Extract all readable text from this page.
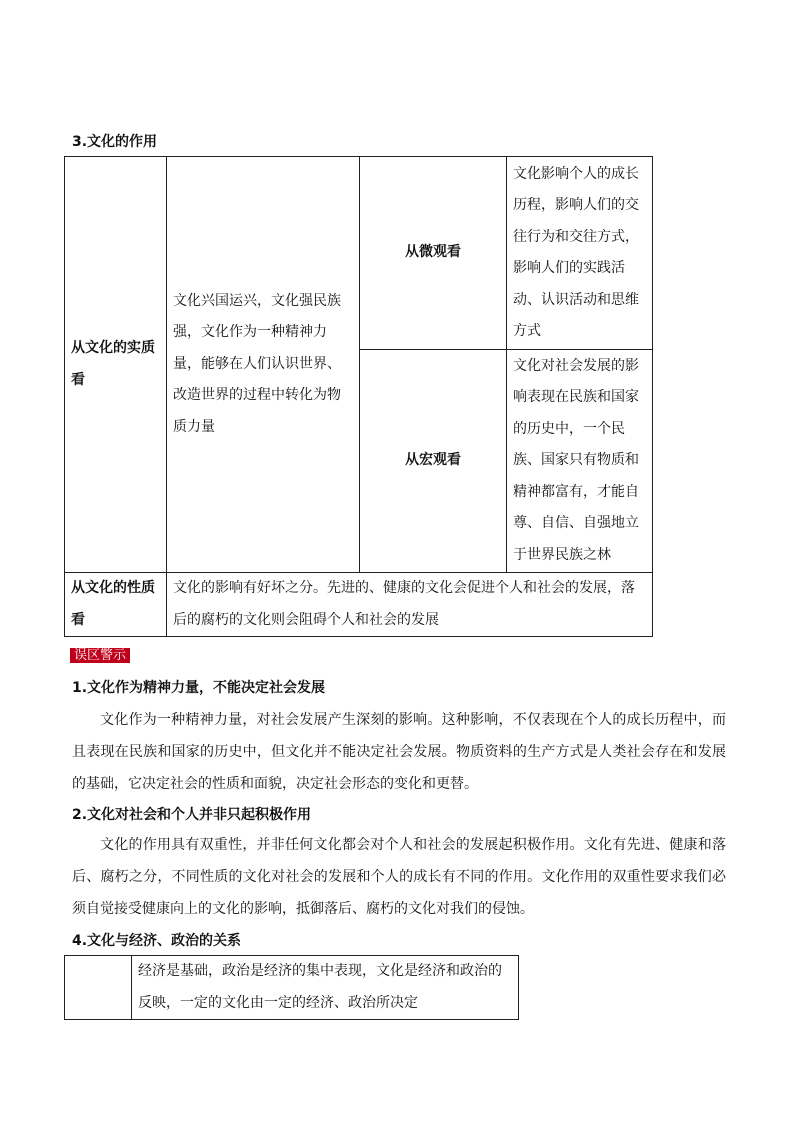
3.文化的作用
从文化的实质看	文化兴国运兴，文化强民族强，文化作为一种精神力量，能够在人们认识世界、改造世界的过程中转化为物质力量	从微观看	文化影响个人的成长历程，影响人们的交往行为和交往方式，影响人们的实践活动、认识活动和思维方式
		从宏观看	文化对社会发展的影响表现在民族和国家的历史中，一个民族、国家只有物质和精神都富有，才能自尊、自信、自强地立于世界民族之林
从文化的性质看	文化的影响有好坏之分。先进的、健康的文化会促进个人和社会的发展，落后的腐朽的文化则会阻碍个人和社会的发展		
误区警示
1.文化作为精神力量，不能决定社会发展
文化作为一种精神力量，对社会发展产生深刻的影响。这种影响，不仅表现在个人的成长历程中，而且表现在民族和国家的历史中，但文化并不能决定社会发展。物质资料的生产方式是人类社会存在和发展的基础，它决定社会的性质和面貌，决定社会形态的变化和更替。
2.文化对社会和个人并非只起积极作用
文化的作用具有双重性，并非任何文化都会对个人和社会的发展起积极作用。文化有先进、健康和落后、腐朽之分，不同性质的文化对社会的发展和个人的成长有不同的作用。文化作用的双重性要求我们必须自觉接受健康向上的文化的影响，抵御落后、腐朽的文化对我们的侵蚀。
4.文化与经济、政治的关系
	经济是基础，政治是经济的集中表现，文化是经济和政治的反映，一定的文化由一定的经济、政治所决定
